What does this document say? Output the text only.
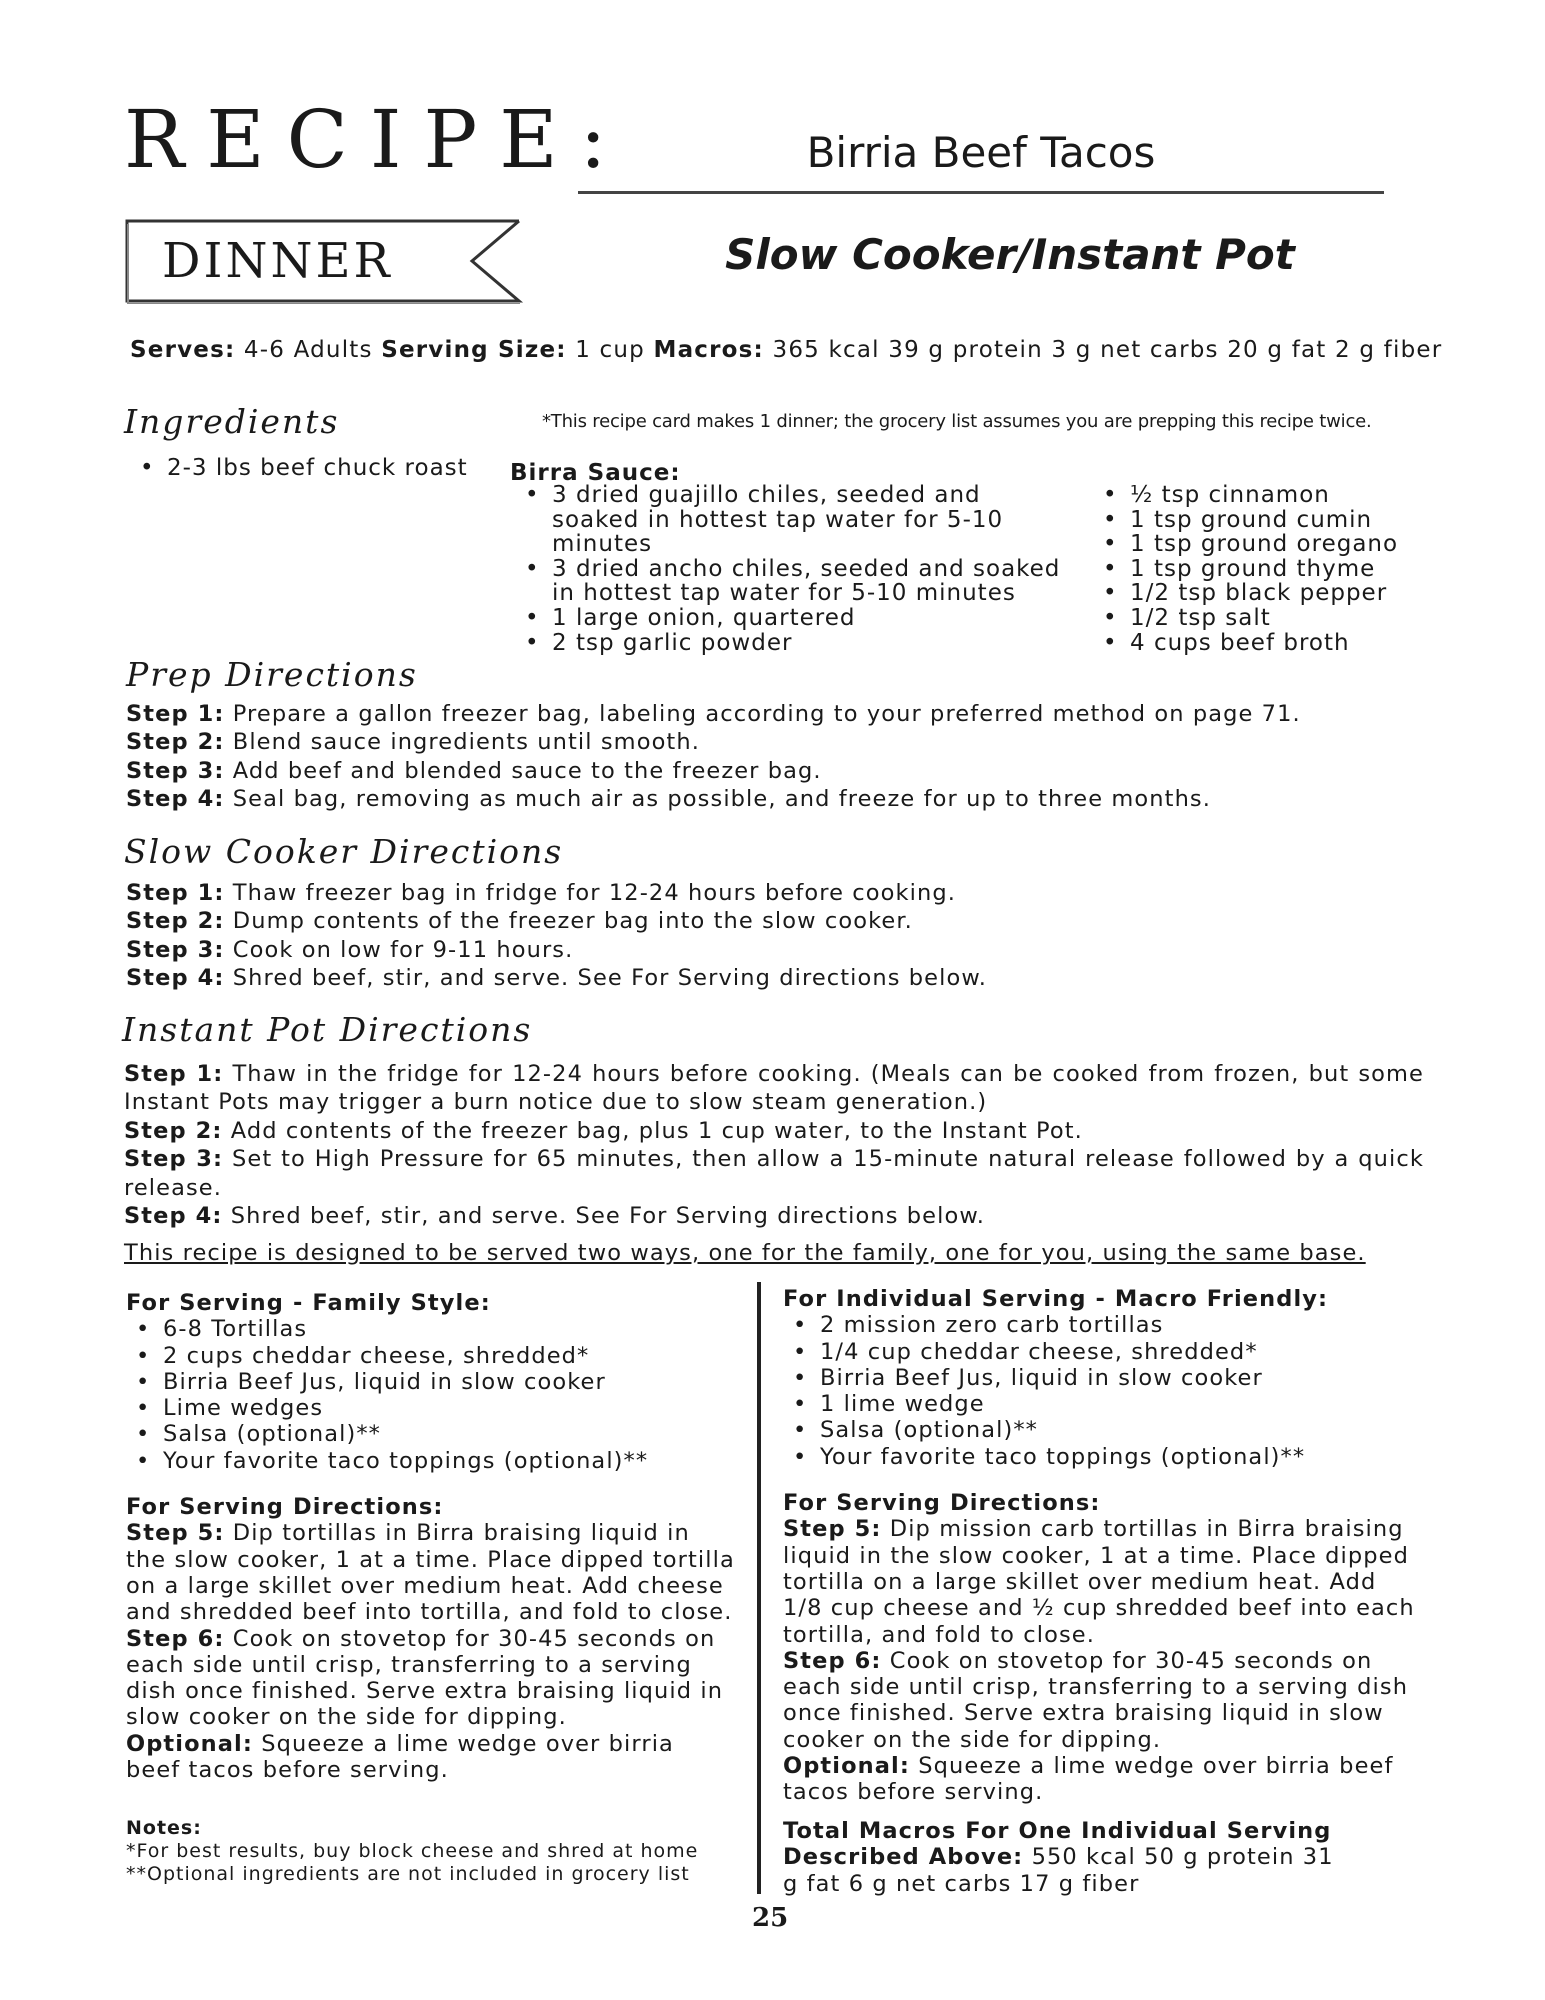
RECIPE:	Birria Beef Tacos
DINNER	Slow Cooker/Instant Pot
Serves: 4-6 Adults Serving Size: 1 cup Macros: 365 kcal 39 g protein 3 g net carbs 20 g fat 2 g fiber
Ingredients	*This recipe card makes 1 dinner; the grocery list assumes you are prepping this recipe twice.
• 2-3 lbs beef chuck roast Birra Sauce:
• 3 dried guajillo chiles, seeded and soaked in hottest tap water for 5-10 minutes
• 3 dried ancho chiles, seeded and soaked in hottest tap water for 5-10 minutes
• 1 large onion, quartered
• 2 tsp garlic powder
• ½ tsp cinnamon
• 1 tsp ground cumin
• 1 tsp ground oregano
• 1 tsp ground thyme
• 1/2 tsp black pepper
• 1/2 tsp salt
• 4 cups beef broth
Prep Directions
Step 1: Prepare a gallon freezer bag, labeling according to your preferred method on page 71.
Step 2: Blend sauce ingredients until smooth.
Step 3: Add beef and blended sauce to the freezer bag.
Step 4: Seal bag, removing as much air as possible, and freeze for up to three months.
Slow Cooker Directions
Step 1: Thaw freezer bag in fridge for 12-24 hours before cooking.
Step 2: Dump contents of the freezer bag into the slow cooker.
Step 3: Cook on low for 9-11 hours.
Step 4: Shred beef, stir, and serve. See For Serving directions below.
Instant Pot Directions
Step 1: Thaw in the fridge for 12-24 hours before cooking. (Meals can be cooked from frozen, but some Instant Pots may trigger a burn notice due to slow steam generation.)
Step 2: Add contents of the freezer bag, plus 1 cup water, to the Instant Pot.
Step 3: Set to High Pressure for 65 minutes, then allow a 15-minute natural release followed by a quick release.
Step 4: Shred beef, stir, and serve. See For Serving directions below.
This recipe is designed to be served two ways, one for the family, one for you, using the same base.
For Serving - Family Style:
• 6-8 Tortillas
• 2 cups cheddar cheese, shredded*
• Birria Beef Jus, liquid in slow cooker
• Lime wedges
• Salsa (optional)**
• Your favorite taco toppings (optional)**
For Serving Directions:
Step 5: Dip tortillas in Birra braising liquid in the slow cooker, 1 at a time. Place dipped tortilla on a large skillet over medium heat. Add cheese and shredded beef into tortilla, and fold to close.
Step 6: Cook on stovetop for 30-45 seconds on each side until crisp, transferring to a serving dish once finished. Serve extra braising liquid in slow cooker on the side for dipping.
Optional: Squeeze a lime wedge over birria beef tacos before serving.
Notes:
*For best results, buy block cheese and shred at home
**Optional ingredients are not included in grocery list
For Individual Serving - Macro Friendly:
• 2 mission zero carb tortillas
• 1/4 cup cheddar cheese, shredded*
• Birria Beef Jus, liquid in slow cooker
• 1 lime wedge
• Salsa (optional)**
• Your favorite taco toppings (optional)**
For Serving Directions:
Step 5: Dip mission carb tortillas in Birra braising liquid in the slow cooker, 1 at a time. Place dipped tortilla on a large skillet over medium heat. Add 1/8 cup cheese and ½ cup shredded beef into each tortilla, and fold to close.
Step 6: Cook on stovetop for 30-45 seconds on each side until crisp, transferring to a serving dish once finished. Serve extra braising liquid in slow cooker on the side for dipping.
Optional: Squeeze a lime wedge over birria beef tacos before serving.
Total Macros For One Individual Serving Described Above: 550 kcal 50 g protein 31 g fat 6 g net carbs 17 g fiber
25
